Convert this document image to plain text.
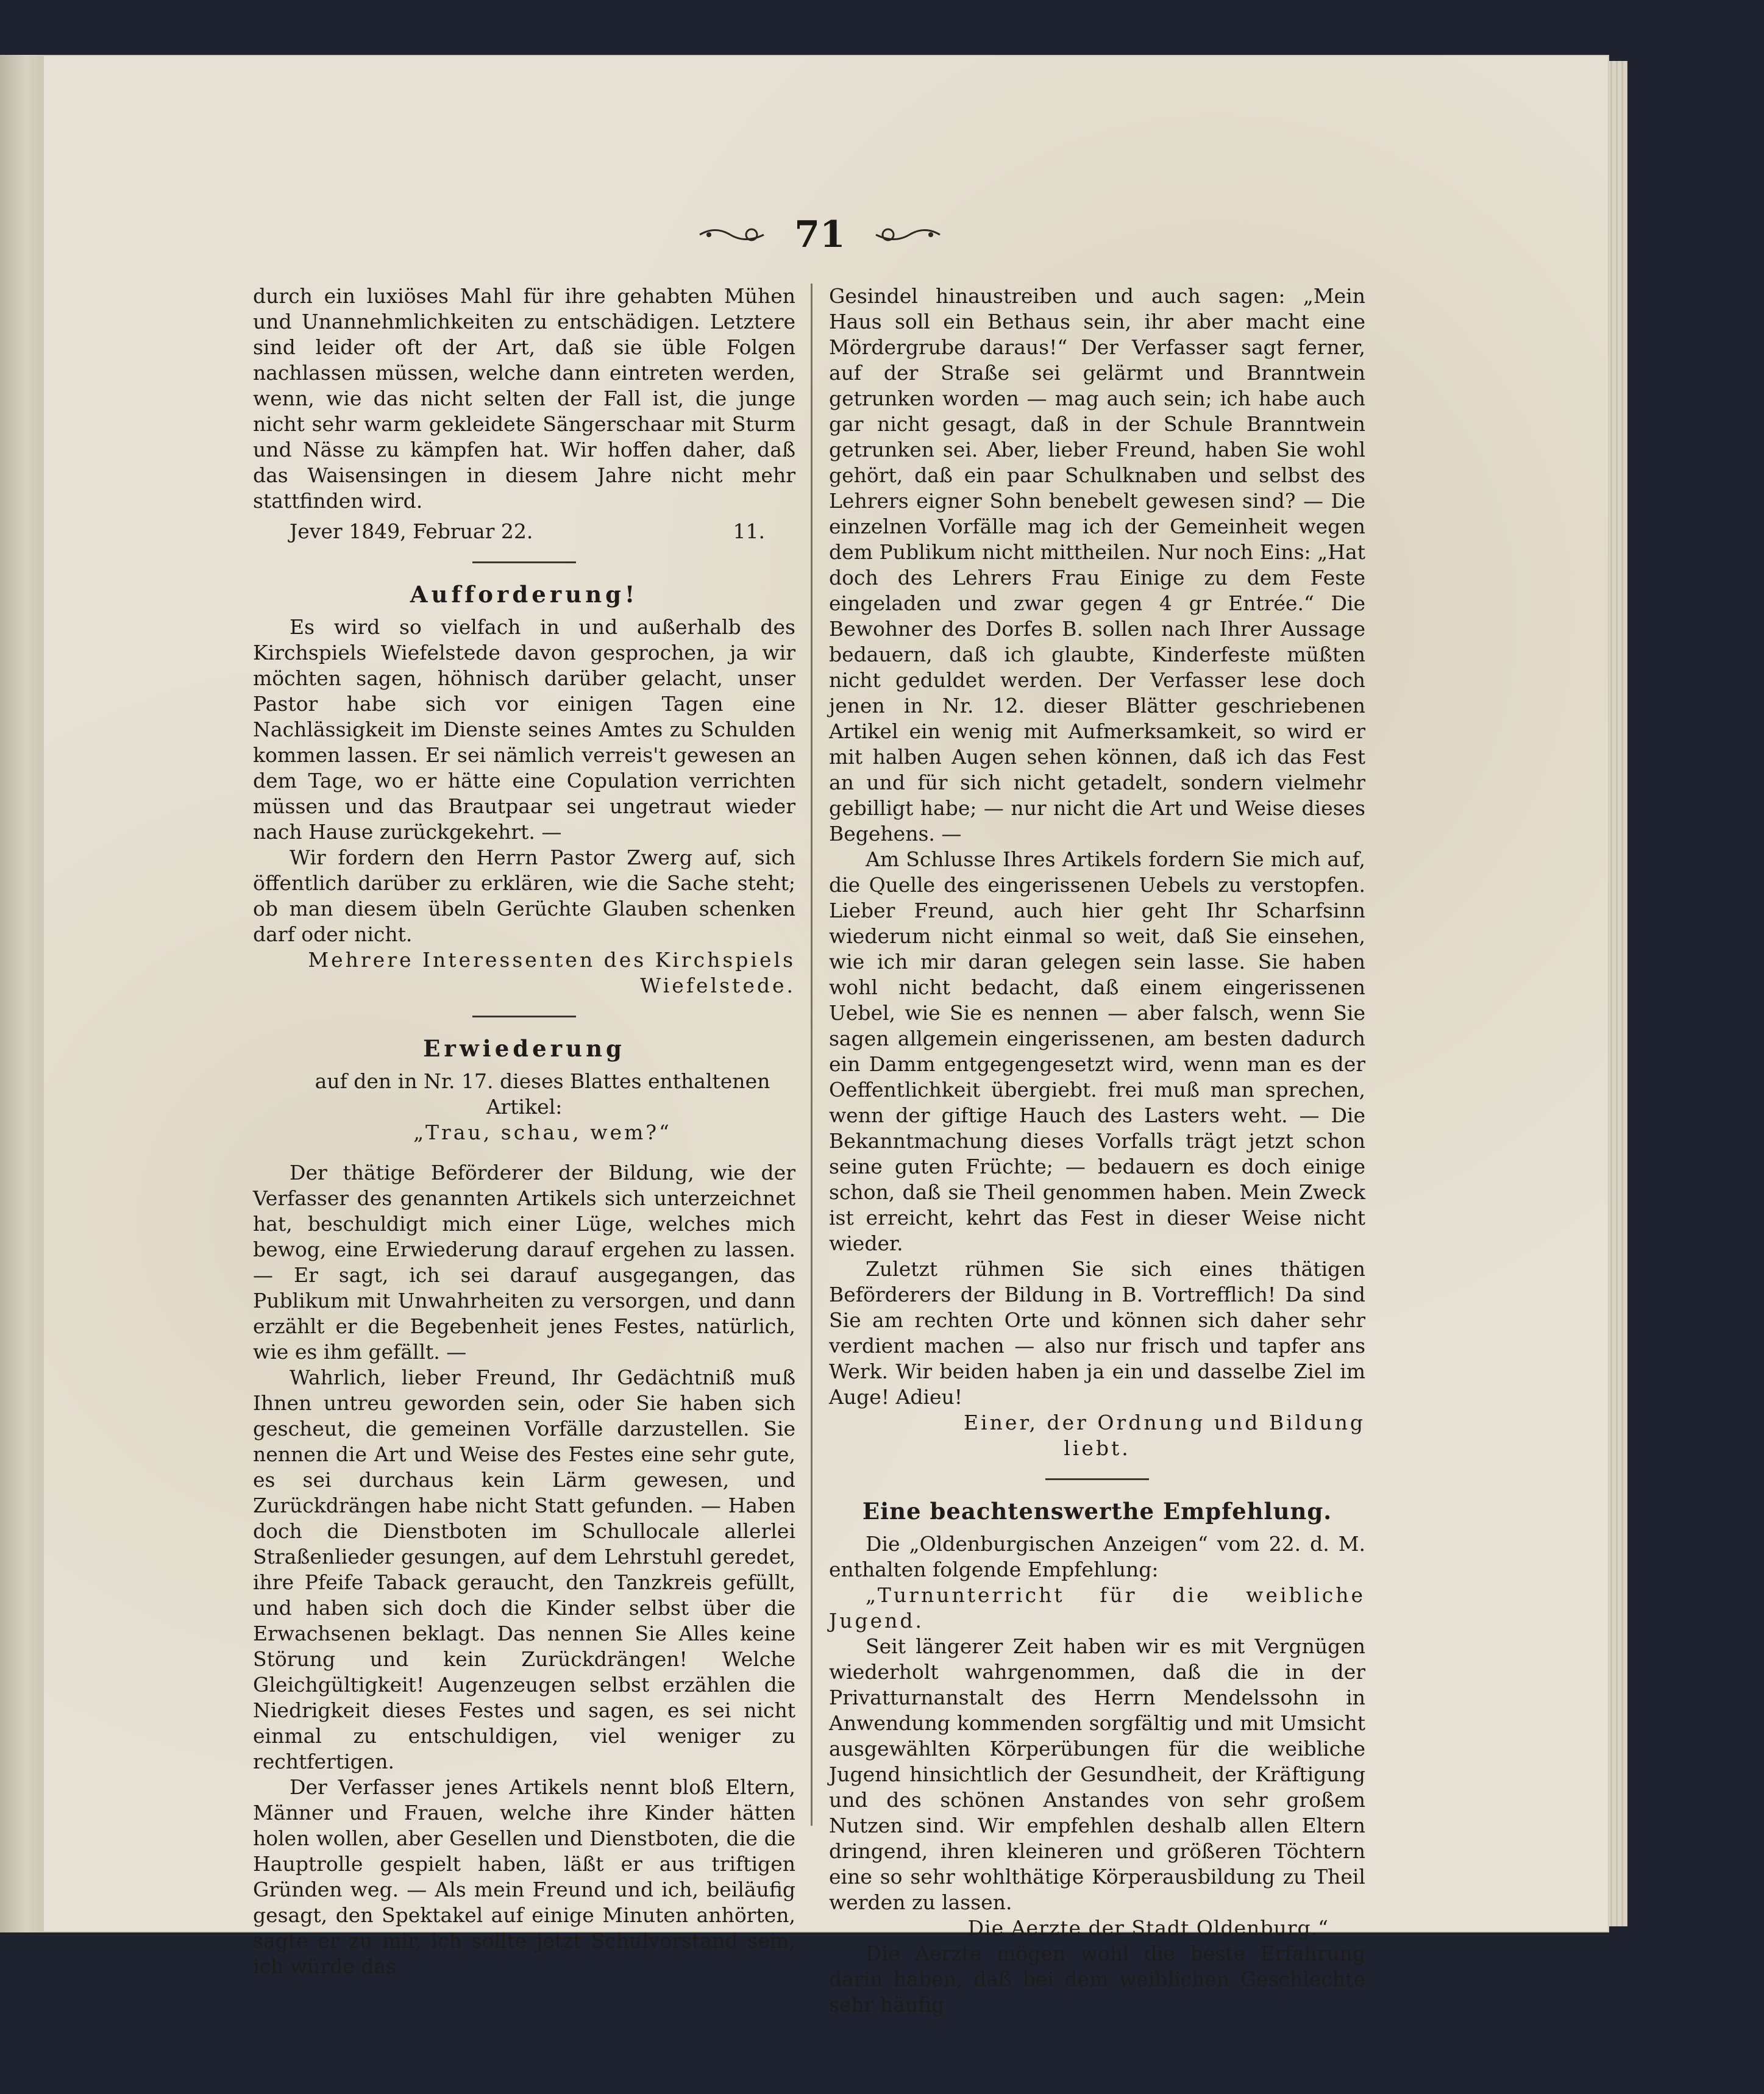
71

durch ein luxiöses Mahl für ihre gehabten Mühen und Unannehmlichkeiten zu entschädigen. Letztere sind leider oft der Art, daß sie üble Folgen nachlassen müssen, welche dann eintreten werden, wenn, wie das nicht selten der Fall ist, die junge nicht sehr warm gekleidete Sängerschaar mit Sturm und Nässe zu kämpfen hat. Wir hoffen daher, daß das Waisensingen in diesem Jahre nicht mehr stattfinden wird.

Jever 1849, Februar 22.	11.
Aufforderung!

Es wird so vielfach in und außerhalb des Kirchspiels Wiefelstede davon gesprochen, ja wir möchten sagen, höhnisch darüber gelacht, unser Pastor habe sich vor einigen Tagen eine Nachlässigkeit im Dienste seines Amtes zu Schulden kommen lassen. Er sei nämlich verreis't gewesen an dem Tage, wo er hätte eine Copulation verrichten müssen und das Brautpaar sei ungetraut wieder nach Hause zurückgekehrt. —

Wir fordern den Herrn Pastor Zwerg auf, sich öffentlich darüber zu erklären, wie die Sache steht; ob man diesem übeln Gerüchte Glauben schenken darf oder nicht.

Mehrere Interessenten des Kirchspiels Wiefelstede.
Erwiederung

auf den in Nr. 17. dieses Blattes enthaltenen Artikel:

„Trau, schau, wem?“

Der thätige Beförderer der Bildung, wie der Verfasser des genannten Artikels sich unterzeichnet hat, beschuldigt mich einer Lüge, welches mich bewog, eine Erwiederung darauf ergehen zu lassen. — Er sagt, ich sei darauf ausgegangen, das Publikum mit Unwahrheiten zu versorgen, und dann erzählt er die Begebenheit jenes Festes, natürlich, wie es ihm gefällt. —

Wahrlich, lieber Freund, Ihr Gedächtniß muß Ihnen untreu geworden sein, oder Sie haben sich gescheut, die gemeinen Vorfälle darzustellen. Sie nennen die Art und Weise des Festes eine sehr gute, es sei durchaus kein Lärm gewesen, und Zurückdrängen habe nicht Statt gefunden. — Haben doch die Dienstboten im Schullocale allerlei Straßenlieder gesungen, auf dem Lehrstuhl geredet, ihre Pfeife Taback geraucht, den Tanzkreis gefüllt, und haben sich doch die Kinder selbst über die Erwachsenen beklagt. Das nennen Sie Alles keine Störung und kein Zurückdrängen! Welche Gleichgültigkeit! Augenzeugen selbst erzählen die Niedrigkeit dieses Festes und sagen, es sei nicht einmal zu entschuldigen, viel weniger zu rechtfertigen.

Der Verfasser jenes Artikels nennt bloß Eltern, Männer und Frauen, welche ihre Kinder hätten holen wollen, aber Gesellen und Dienstboten, die die Hauptrolle gespielt haben, läßt er aus triftigen Gründen weg. — Als mein Freund und ich, beiläufig gesagt, den Spektakel auf einige Minuten anhörten, sagte er zu mir, ich sollte jetzt Schulvorstand sein, ich würde das

Gesindel hinaustreiben und auch sagen: „Mein Haus soll ein Bethaus sein, ihr aber macht eine Mördergrube daraus!“ Der Verfasser sagt ferner, auf der Straße sei gelärmt und Branntwein getrunken worden — mag auch sein; ich habe auch gar nicht gesagt, daß in der Schule Branntwein getrunken sei. Aber, lieber Freund, haben Sie wohl gehört, daß ein paar Schulknaben und selbst des Lehrers eigner Sohn benebelt gewesen sind? — Die einzelnen Vorfälle mag ich der Gemeinheit wegen dem Publikum nicht mittheilen. Nur noch Eins: „Hat doch des Lehrers Frau Einige zu dem Feste eingeladen und zwar gegen 4 gr Entrée.“ Die Bewohner des Dorfes B. sollen nach Ihrer Aussage bedauern, daß ich glaubte, Kinderfeste müßten nicht geduldet werden. Der Verfasser lese doch jenen in Nr. 12. dieser Blätter geschriebenen Artikel ein wenig mit Aufmerksamkeit, so wird er mit halben Augen sehen können, daß ich das Fest an und für sich nicht getadelt, sondern vielmehr gebilligt habe; — nur nicht die Art und Weise dieses Begehens. —

Am Schlusse Ihres Artikels fordern Sie mich auf, die Quelle des eingerissenen Uebels zu verstopfen. Lieber Freund, auch hier geht Ihr Scharfsinn wiederum nicht einmal so weit, daß Sie einsehen, wie ich mir daran gelegen sein lasse. Sie haben wohl nicht bedacht, daß einem eingerissenen Uebel, wie Sie es nennen — aber falsch, wenn Sie sagen allgemein eingerissenen, am besten dadurch ein Damm entgegengesetzt wird, wenn man es der Oeffentlichkeit übergiebt. frei muß man sprechen, wenn der giftige Hauch des Lasters weht. — Die Bekanntmachung dieses Vorfalls trägt jetzt schon seine guten Früchte; — bedauern es doch einige schon, daß sie Theil genommen haben. Mein Zweck ist erreicht, kehrt das Fest in dieser Weise nicht wieder.

Zuletzt rühmen Sie sich eines thätigen Beförderers der Bildung in B. Vortrefflich! Da sind Sie am rechten Orte und können sich daher sehr verdient machen — also nur frisch und tapfer ans Werk. Wir beiden haben ja ein und dasselbe Ziel im Auge! Adieu!

Einer, der Ordnung und Bildung
liebt.
Eine beachtenswerthe Empfehlung.

Die „Oldenburgischen Anzeigen“ vom 22. d. M. enthalten folgende Empfehlung:

„Turnunterricht für die weibliche Jugend.

Seit längerer Zeit haben wir es mit Vergnügen wiederholt wahrgenommen, daß die in der Privatturnanstalt des Herrn Mendelssohn in Anwendung kommenden sorgfältig und mit Umsicht ausgewählten Körperübungen für die weibliche Jugend hinsichtlich der Gesundheit, der Kräftigung und des schönen Anstandes von sehr großem Nutzen sind. Wir empfehlen deshalb allen Eltern dringend, ihren kleineren und größeren Töchtern eine so sehr wohlthätige Körperausbildung zu Theil werden zu lassen.

Die Aerzte der Stadt Oldenburg.“

Die Aerzte mögen wohl die beste Erfahrung darin haben, daß bei dem weiblichen Geschlechte sehr häufig
